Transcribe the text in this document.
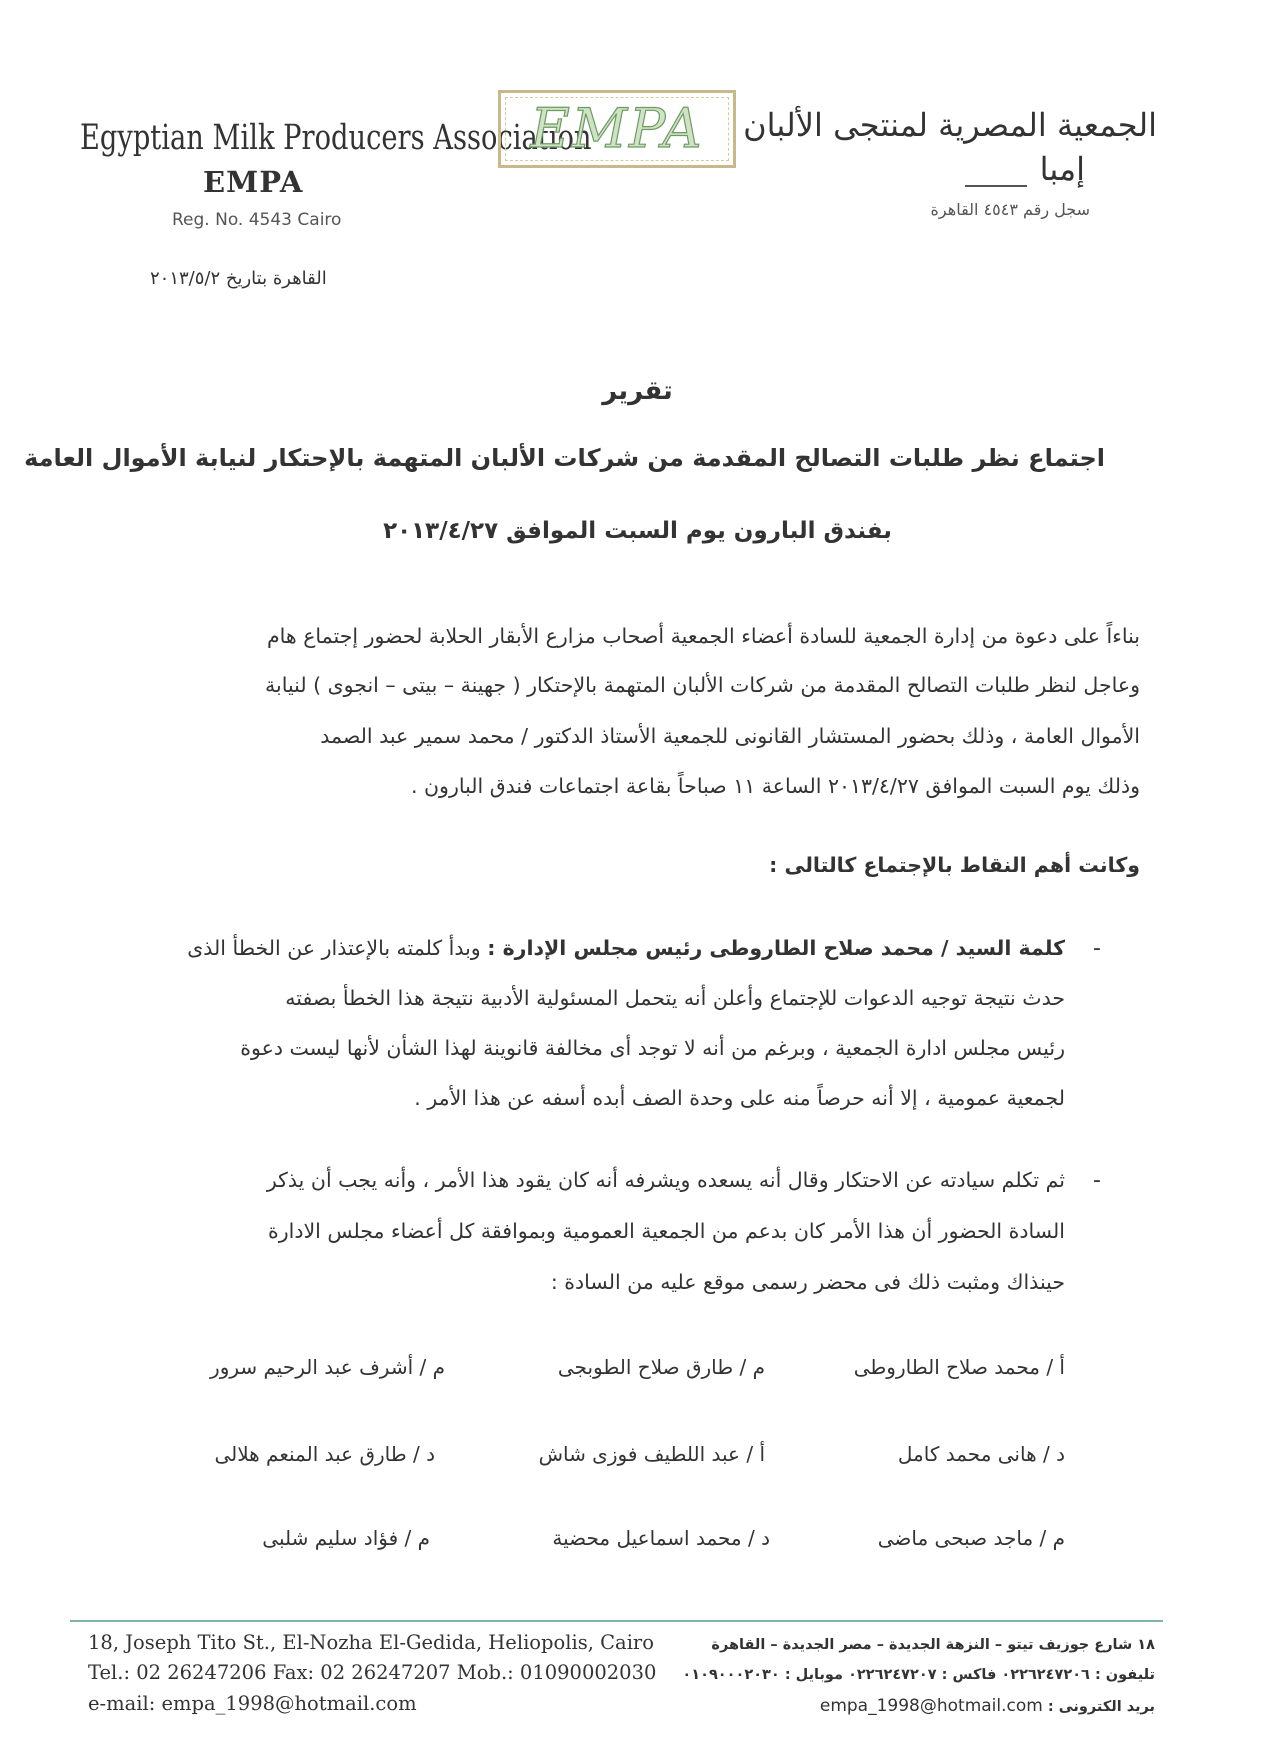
Egyptian Milk Producers Association
EMPA
Reg. No. 4543 Cairo
EMPA	الجمعية المصرية لمنتجى الألبان
إمبا
سجل رقم ٤٥٤٣ القاهرة
القاهرة بتاريخ ٢٠١٣/٥/٢
تقرير
اجتماع نظر طلبات التصالح المقدمة من شركات الألبان المتهمة بالإحتكار لنيابة الأموال العامة
بفندق البارون يوم السبت الموافق ٢٠١٣/٤/٢٧
بناءاً على دعوة من إدارة الجمعية للسادة أعضاء الجمعية أصحاب مزارع الأبقار الحلابة لحضور إجتماع هام
وعاجل لنظر طلبات التصالح المقدمة من شركات الألبان المتهمة بالإحتكار ( جهينة – بيتى – انجوى ) لنيابة
الأموال العامة ، وذلك بحضور المستشار القانونى للجمعية الأستاذ الدكتور / محمد سمير عبد الصمد
وذلك يوم السبت الموافق ٢٠١٣/٤/٢٧ الساعة ١١ صباحاً بقاعة اجتماعات فندق البارون .
وكانت أهم النقاط بالإجتماع كالتالى :
-
كلمة السيد / محمد صلاح الطاروطى رئيس مجلس الإدارة : وبدأ كلمته بالإعتذار عن الخطأ الذى
حدث نتيجة توجيه الدعوات للإجتماع وأعلن أنه يتحمل المسئولية الأدبية نتيجة هذا الخطأ بصفته
رئيس مجلس ادارة الجمعية ، وبرغم من أنه لا توجد أى مخالفة قانوينة لهذا الشأن لأنها ليست دعوة
لجمعية عمومية ، إلا أنه حرصاً منه على وحدة الصف أبده أسفه عن هذا الأمر .
-
ثم تكلم سيادته عن الاحتكار وقال أنه يسعده ويشرفه أنه كان يقود هذا الأمر ، وأنه يجب أن يذكر
السادة الحضور أن هذا الأمر كان بدعم من الجمعية العمومية وبموافقة كل أعضاء مجلس الادارة
حينذاك ومثبت ذلك فى محضر رسمى موقع عليه من السادة :
أ / محمد صلاح الطاروطى
م / طارق صلاح الطوبجى
م / أشرف عبد الرحيم سرور
د / هانى محمد كامل
أ / عبد اللطيف فوزى شاش
د / طارق عبد المنعم هلالى
م / ماجد صبحى ماضى
د / محمد اسماعيل محضية
م / فؤاد سليم شلبى
18, Joseph Tito St., El-Nozha El-Gedida, Heliopolis, Cairo
Tel.: 02 26247206 Fax: 02 26247207 Mob.: 01090002030
e-mail: empa_1998@hotmail.com
١٨ شارع جوزيف تيتو – النزهة الجديدة – مصر الجديدة – القاهرة
تليفون : ٠٢٢٦٢٤٧٢٠٦ فاكس : ٠٢٢٦٢٤٧٢٠٧ موبايل : ٠١٠٩٠٠٠٢٠٣٠
بريد الكترونى : empa_1998@hotmail.com
